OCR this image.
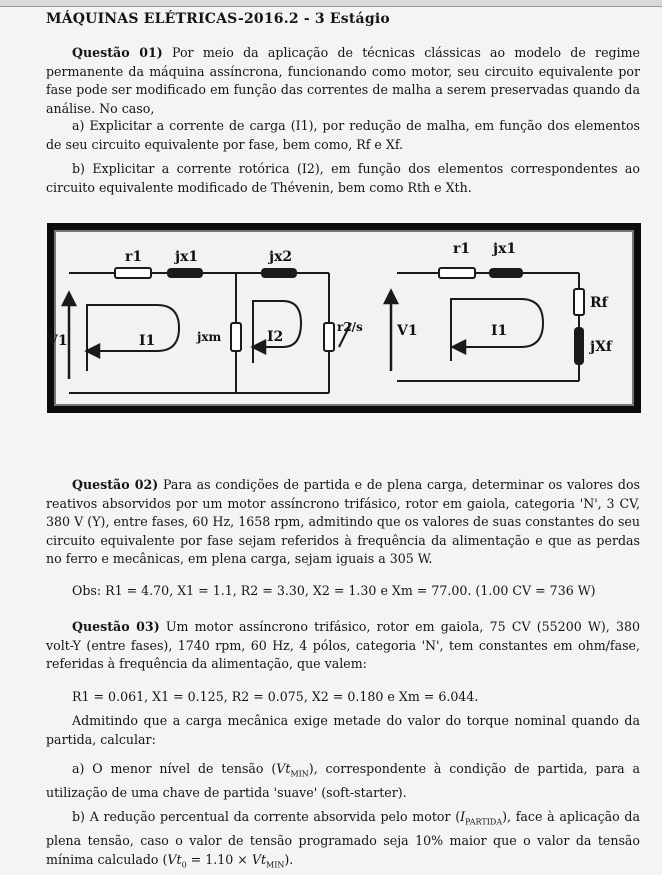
MÁQUINAS ELÉTRICAS-2016.2 - 3 Estágio

Questão 01) Por meio da aplicação de técnicas clássicas ao modelo de regime permanente da máquina assíncrona, funcionando como motor, seu circuito equivalente por fase pode ser modificado em função das correntes de malha a serem preservadas quando da análise. No caso,

a) Explicitar a corrente de carga (I1), por redução de malha, em função dos elementos de seu circuito equivalente por fase, bem como, Rf e Xf.

b) Explicitar a corrente rotórica (I2), em função dos elementos correspondentes ao circuito equivalente modificado de Thévenin, bem como Rth e Xth.

r1 jx1	jx2
V1	I1	jxm	I2
r2/s
r1 jx1
V1	I1
Rf
jXf

Questão 02) Para as condições de partida e de plena carga, determinar os valores dos reativos absorvidos por um motor assíncrono trifásico, rotor em gaiola, categoria 'N', 3 CV, 380 V (Y), entre fases, 60 Hz, 1658 rpm, admitindo que os valores de suas constantes do seu circuito equivalente por fase sejam referidos à frequência da alimentação e que as perdas no ferro e mecânicas, em plena carga, sejam iguais a 305 W.

Obs: R1 = 4.70, X1 = 1.1, R2 = 3.30, X2 = 1.30 e Xm = 77.00. (1.00 CV = 736 W)

Questão 03) Um motor assíncrono trifásico, rotor em gaiola, 75 CV (55200 W), 380 volt-Y (entre fases), 1740 rpm, 60 Hz, 4 pólos, categoria 'N', tem constantes em ohm/fase, referidas à frequência da alimentação, que valem:

R1 = 0.061, X1 = 0.125, R2 = 0.075, X2 = 0.180 e Xm = 6.044.

Admitindo que a carga mecânica exige metade do valor do torque nominal quando da partida, calcular:

a) O menor nível de tensão $(Vt_{MIN})$, correspondente à condição de partida, para a utilização de uma chave de partida 'suave' (soft-starter).

b) A redução percentual da corrente absorvida pelo motor $(I_{PARTIDA})$, face à aplicação da plena tensão, caso o valor de tensão programado seja 10% maior que o valor da tensão mínima calculado $(Vt_0 = 1.10 \times Vt_{MIN})$.
